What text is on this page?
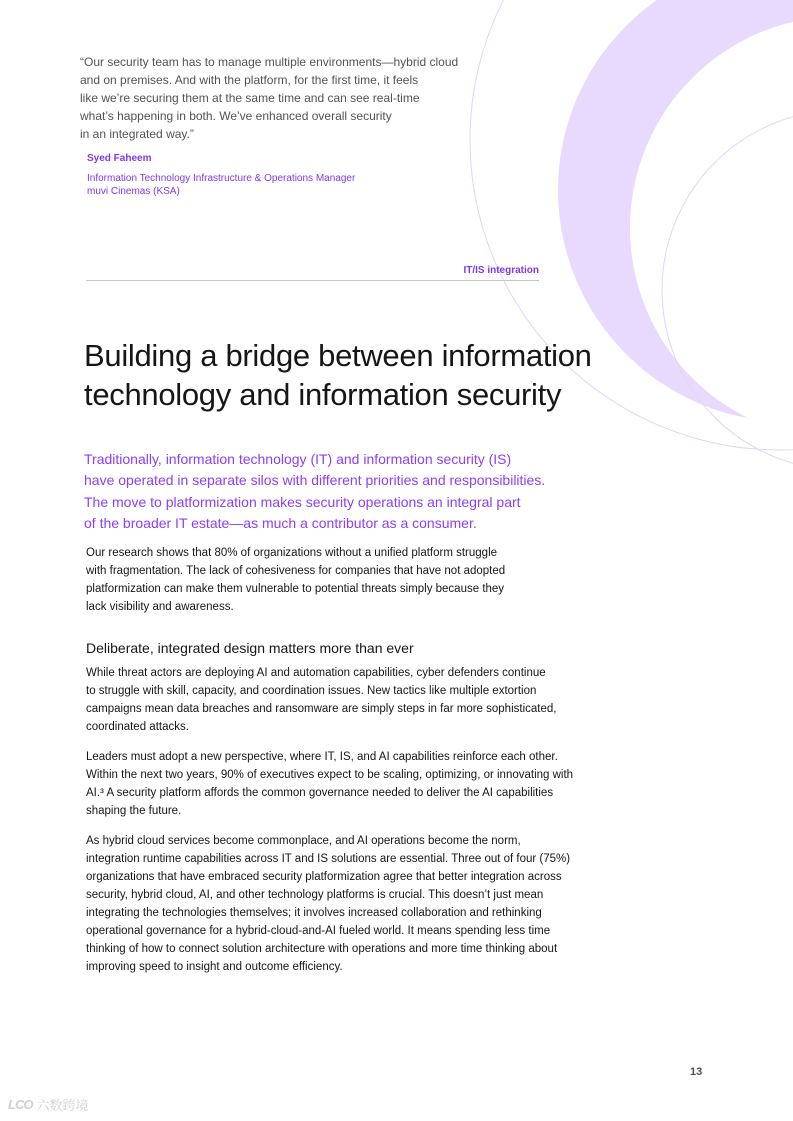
“Our security team has to manage multiple environments—hybrid cloud
and on premises. And with the platform, for the first time, it feels
like we’re securing them at the same time and can see real-time
what’s happening in both. We’ve enhanced overall security
in an integrated way.”
Syed Faheem
Information Technology Infrastructure & Operations Manager
muvi Cinemas (KSA)
IT/IS integration
Building a bridge between information
technology and information security
Traditionally, information technology (IT) and information security (IS)
have operated in separate silos with different priorities and responsibilities.
The move to platformization makes security operations an integral part
of the broader IT estate—as much a contributor as a consumer.
Our research shows that 80% of organizations without a unified platform struggle
with fragmentation. The lack of cohesiveness for companies that have not adopted
platformization can make them vulnerable to potential threats simply because they
lack visibility and awareness.
Deliberate, integrated design matters more than ever
While threat actors are deploying AI and automation capabilities, cyber defenders continue
to struggle with skill, capacity, and coordination issues. New tactics like multiple extortion
campaigns mean data breaches and ransomware are simply steps in far more sophisticated,
coordinated attacks.
Leaders must adopt a new perspective, where IT, IS, and AI capabilities reinforce each other.
Within the next two years, 90% of executives expect to be scaling, optimizing, or innovating with
AI.³ A security platform affords the common governance needed to deliver the AI capabilities
shaping the future.
As hybrid cloud services become commonplace, and AI operations become the norm,
integration runtime capabilities across IT and IS solutions are essential. Three out of four (75%)
organizations that have embraced security platformization agree that better integration across
security, hybrid cloud, AI, and other technology platforms is crucial. This doesn’t just mean
integrating the technologies themselves; it involves increased collaboration and rethinking
operational governance for a hybrid-cloud-and-AI fueled world. It means spending less time
thinking of how to connect solution architecture with operations and more time thinking about
improving speed to insight and outcome efficiency.
13
LCO 六数跨境
